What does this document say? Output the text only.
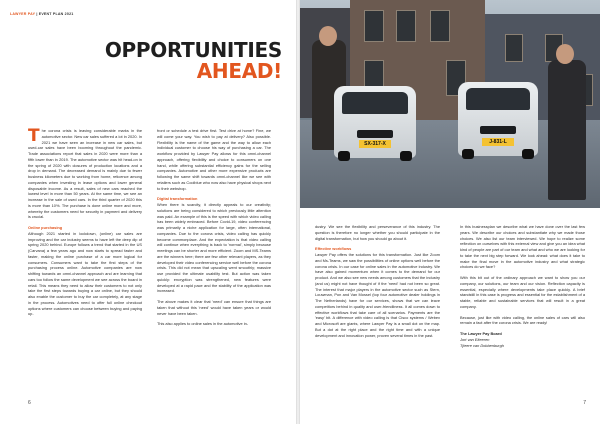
LAWYER PAY | EVENT PLAN 2021
OPPORTUNITIES
AHEAD!

The corona crisis is leaving considerable marks in the automotive sector. New car sales suffered a lot in 2020. In 2021 we have seen an increase in new car sales, but used-car sales have been booming throughout the pandemic. Trade associations report that sales in 2020 were more than a fifth lower than in 2019. The automotive sector was hit head-on in the spring of 2020 with closures of production locations and a drop in demand. The decreased demand is mainly due to fewer business kilometers due to working from home, reticence among companies when investing in lease options and lower general disposable income. As a result, sales of new cars reached the lowest level in more than 50 years. At the same time, we see an increase in the sale of used cars. In the third quarter of 2020 this is more than 10%. The purchase is done online more and more, whereby the customers need for security in payment and delivery is crucial.

Online purchasing

Although 2021 started in lockdown, (online) car sales are improving and the car industry seems to have left the deep dip of spring 2020 behind. Europe follows a trend that started in the US (Carvana) a few years ago and now starts to spread faster and faster, making the online purchase of a car more logical for consumers. Consumers want to take the first steps of the purchasing process online. Automotive companies are now shifting towards an omni-channel approach and are learning that cars too follow the same development we see across the board in retail. This means they need to allow their customers to not only take the first steps towards buying a car online, but they should also enable the customer to buy the car completely, at any stage in the process. Automotives need to offer full online checkout options where customers can choose between buying and paying up-

front or schedule a test drive first. Test drive at home? Fine, we will come your way. You wish to pay at delivery? Also possible. Flexibility is the name of the game and the way to allow each individual customer to choose his way of purchasing a car. The workflow provided by Lawyer Pay allows for this omni-channel approach, offering flexibility and choice to consumers on one hand, while offering substantial efficiency gains for the selling companies. Automotive and other more expensive products are following the same shift towards omni-channel like we see with retailers such as Coolblue who now also have physical shops next to their webshop.

Digital transformation

When there is scarcity, it directly appeals to our creativity; solutions are being considered to which previously little attention was paid. An example of this is the speed with which video calling has been widely embraced. Before Covid-19, video conferencing was primarily a niche application for large, often international, companies. Due to the corona crisis, video calling has quickly become commonplace. And the expectation is that video calling will continue when everything is back to 'normal', simply because meetings can be shorter and more efficient. Zoom and MS-Teams are the winners here; there are few other relevant players, as they developed their video conferencing service well before the corona crisis. This did not mean that upscaling went smoothly; massive use provided the ultimate usability test. But action was taken quickly: encryption was strengthened, new features were developed at a rapid pace and the stability of the application was increased.

The above makes it clear that 'need' can ensure that things are taken that without this 'need' would have taken years or would never have been taken.

This also applies to online sales in the automotive in-

6
SX-317-X	J-831-L

dustry. We see the flexibility and perseverance of this industry. The question is therefore no longer whether you should participate in the digital transformation, but how you should go about it.

Effective workflows

Lawyer Pay offers the solutions for this transformation. Just like Zoom and Ms-Teams, we saw the possibilities of online options well before the corona crisis. In our case for online sales in the automotive industry. We have also gained momentum when it comes to the demand for our product. And we also see new needs among customers that the industry (and us) might not have thought of if the 'need' had not been so great. The interest that major players in the automotive sector such as Stern, Louwman, Pon and Van Mossel (top four automotive dealer holdings in The Netherlands) have for our services, shows that we can leave competitors behind in quality and user-friendliness. It all comes down to effective workflows that take care of all scenarios. Payments are the 'easy' bit. A difference with video calling is that Cisco systems / Webex and Microsoft are giants, where Lawyer Pay is a small dot on the map. But a dot at the right place and the right time and with a unique development and innovation power, proven several times in the past.

In this businessplan we describe what we have done over the last few years. We describe our choices and substantiate why we made those choices. We also list our team interviewed. We hope to realize some reflection on ourselves with this external view and give you an idea what kind of people are part of our team and what and who we are looking for to take the next big step forward. We look ahead: what does it take to make the final move in the automotive industry and what strategic choices do we face?

With this bit out of the ordinary approach we want to show you our company, our solutions, our team and our vision. Reflection capacity is essential, especially where developments take place quickly. A brief standstill in this case is progress and essential for the establishment of a stable, reliable and sustainable services that will result in a great company.

Because, just like with video calling, the online sales of cars will also remain a fact after the corona crisis. We are ready!

The Lawyer Pay Board
Jort van Elteeren
Tjieere van Dobbenburgh

7
